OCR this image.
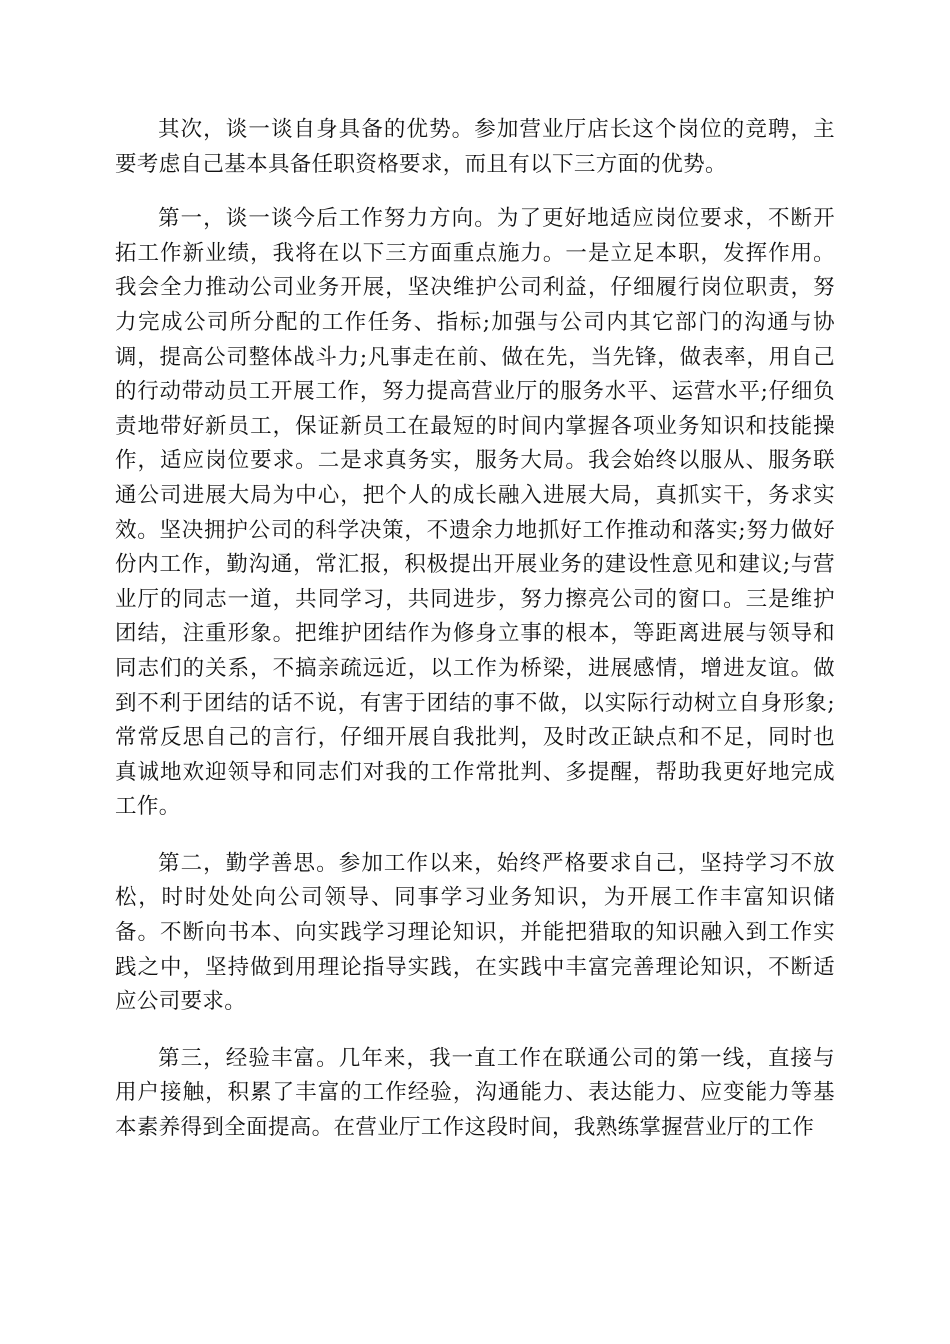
其次，谈一谈自身具备的优势。参加营业厅店长这个岗位的竞聘，主要考虑自己基本具备任职资格要求，而且有以下三方面的优势。

第一，谈一谈今后工作努力方向。为了更好地适应岗位要求，不断开拓工作新业绩，我将在以下三方面重点施力。一是立足本职，发挥作用。我会全力推动公司业务开展，坚决维护公司利益，仔细履行岗位职责，努力完成公司所分配的工作任务、指标;加强与公司内其它部门的沟通与协调，提高公司整体战斗力;凡事走在前、做在先，当先锋，做表率，用自己的行动带动员工开展工作，努力提高营业厅的服务水平、运营水平;仔细负责地带好新员工，保证新员工在最短的时间内掌握各项业务知识和技能操作，适应岗位要求。二是求真务实，服务大局。我会始终以服从、服务联通公司进展大局为中心，把个人的成长融入进展大局，真抓实干，务求实效。坚决拥护公司的科学决策，不遗余力地抓好工作推动和落实;努力做好份内工作，勤沟通，常汇报，积极提出开展业务的建设性意见和建议;与营业厅的同志一道，共同学习，共同进步，努力擦亮公司的窗口。三是维护团结，注重形象。把维护团结作为修身立事的根本，等距离进展与领导和同志们的关系，不搞亲疏远近，以工作为桥梁，进展感情，增进友谊。做到不利于团结的话不说，有害于团结的事不做，以实际行动树立自身形象;常常反思自己的言行，仔细开展自我批判，及时改正缺点和不足，同时也真诚地欢迎领导和同志们对我的工作常批判、多提醒，帮助我更好地完成工作。

第二，勤学善思。参加工作以来，始终严格要求自己，坚持学习不放松，时时处处向公司领导、同事学习业务知识，为开展工作丰富知识储备。不断向书本、向实践学习理论知识，并能把猎取的知识融入到工作实践之中，坚持做到用理论指导实践，在实践中丰富完善理论知识，不断适应公司要求。

第三，经验丰富。几年来，我一直工作在联通公司的第一线，直接与用户接触，积累了丰富的工作经验，沟通能力、表达能力、应变能力等基本素养得到全面提高。在营业厅工作这段时间，我熟练掌握营业厅的工作
